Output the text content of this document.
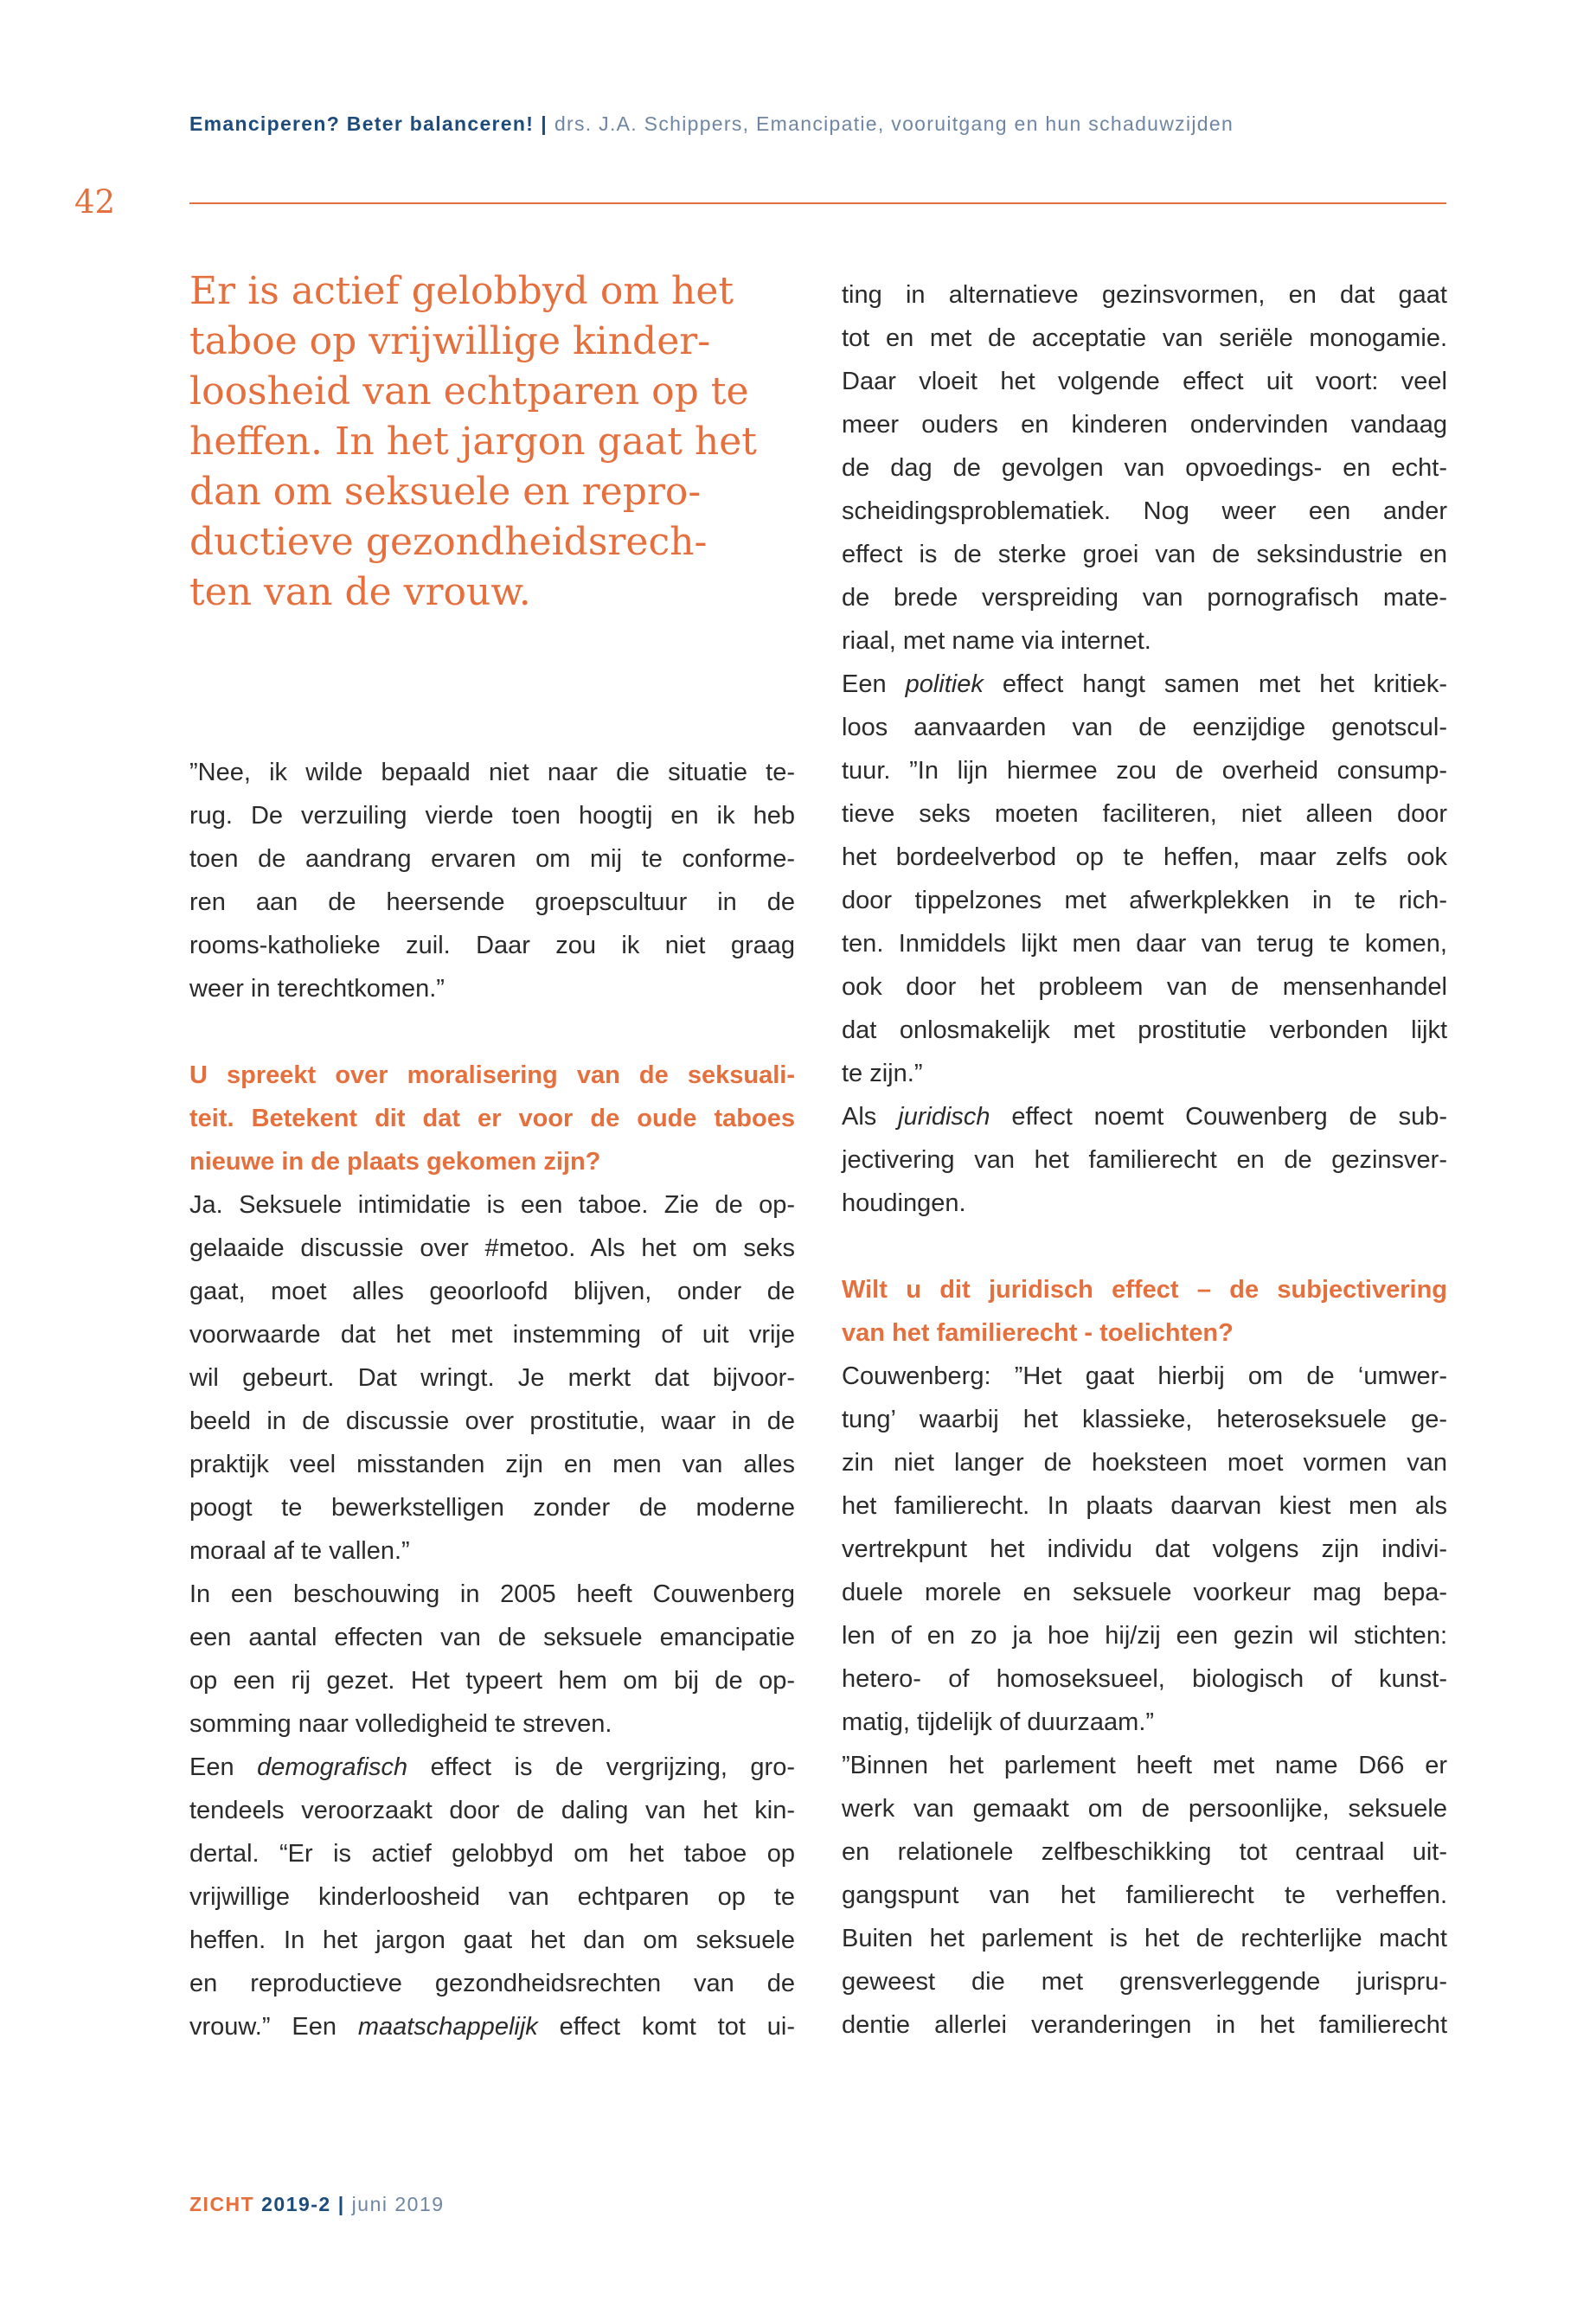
Emanciperen? Beter balanceren! | drs. J.A. Schippers, Emancipatie, vooruitgang en hun schaduwzijden
42
Er is actief gelobbyd om het
taboe op vrijwillige kinder-
loosheid van echtparen op te
heffen. In het jargon gaat het
dan om seksuele en repro-
ductieve gezondheidsrech-
ten van de vrouw.
”Nee, ik wilde bepaald niet naar die situatie te-
rug. De verzuiling vierde toen hoogtij en ik heb
toen de aandrang ervaren om mij te conforme-
ren aan de heersende groepscultuur in de
rooms-katholieke zuil. Daar zou ik niet graag
weer in terechtkomen.”
U spreekt over moralisering van de seksuali-
teit. Betekent dit dat er voor de oude taboes
nieuwe in de plaats gekomen zijn?
Ja. Seksuele intimidatie is een taboe. Zie de op-
gelaaide discussie over #metoo. Als het om seks
gaat, moet alles geoorloofd blijven, onder de
voorwaarde dat het met instemming of uit vrije
wil gebeurt. Dat wringt. Je merkt dat bijvoor-
beeld in de discussie over prostitutie, waar in de
praktijk veel misstanden zijn en men van alles
poogt te bewerkstelligen zonder de moderne
moraal af te vallen.”
In een beschouwing in 2005 heeft Couwenberg
een aantal effecten van de seksuele emancipatie
op een rij gezet. Het typeert hem om bij de op-
somming naar volledigheid te streven.
Een demografisch effect is de vergrijzing, gro-
tendeels veroorzaakt door de daling van het kin-
dertal. “Er is actief gelobbyd om het taboe op
vrijwillige kinderloosheid van echtparen op te
heffen. In het jargon gaat het dan om seksuele
en reproductieve gezondheidsrechten van de
vrouw.” Een maatschappelijk effect komt tot ui-
ting in alternatieve gezinsvormen, en dat gaat
tot en met de acceptatie van seriële monogamie.
Daar vloeit het volgende effect uit voort: veel
meer ouders en kinderen ondervinden vandaag
de dag de gevolgen van opvoedings- en echt-
scheidingsproblematiek. Nog weer een ander
effect is de sterke groei van de seksindustrie en
de brede verspreiding van pornografisch mate-
riaal, met name via internet.
Een politiek effect hangt samen met het kritiek-
loos aanvaarden van de eenzijdige genotscul-
tuur. ”In lijn hiermee zou de overheid consump-
tieve seks moeten faciliteren, niet alleen door
het bordeelverbod op te heffen, maar zelfs ook
door tippelzones met afwerkplekken in te rich-
ten. Inmiddels lijkt men daar van terug te komen,
ook door het probleem van de mensenhandel
dat onlosmakelijk met prostitutie verbonden lijkt
te zijn.”
Als juridisch effect noemt Couwenberg de sub-
jectivering van het familierecht en de gezinsver-
houdingen.
Wilt u dit juridisch effect – de subjectivering
van het familierecht - toelichten?
Couwenberg: ”Het gaat hierbij om de ‘umwer-
tung’ waarbij het klassieke, heteroseksuele ge-
zin niet langer de hoeksteen moet vormen van
het familierecht. In plaats daarvan kiest men als
vertrekpunt het individu dat volgens zijn indivi-
duele morele en seksuele voorkeur mag bepa-
len of en zo ja hoe hij/zij een gezin wil stichten:
hetero- of homoseksueel, biologisch of kunst-
matig, tijdelijk of duurzaam.”
”Binnen het parlement heeft met name D66 er
werk van gemaakt om de persoonlijke, seksuele
en relationele zelfbeschikking tot centraal uit-
gangspunt van het familierecht te verheffen.
Buiten het parlement is het de rechterlijke macht
geweest die met grensverleggende jurispru-
dentie allerlei veranderingen in het familierecht
ZICHT 2019-2 | juni 2019
